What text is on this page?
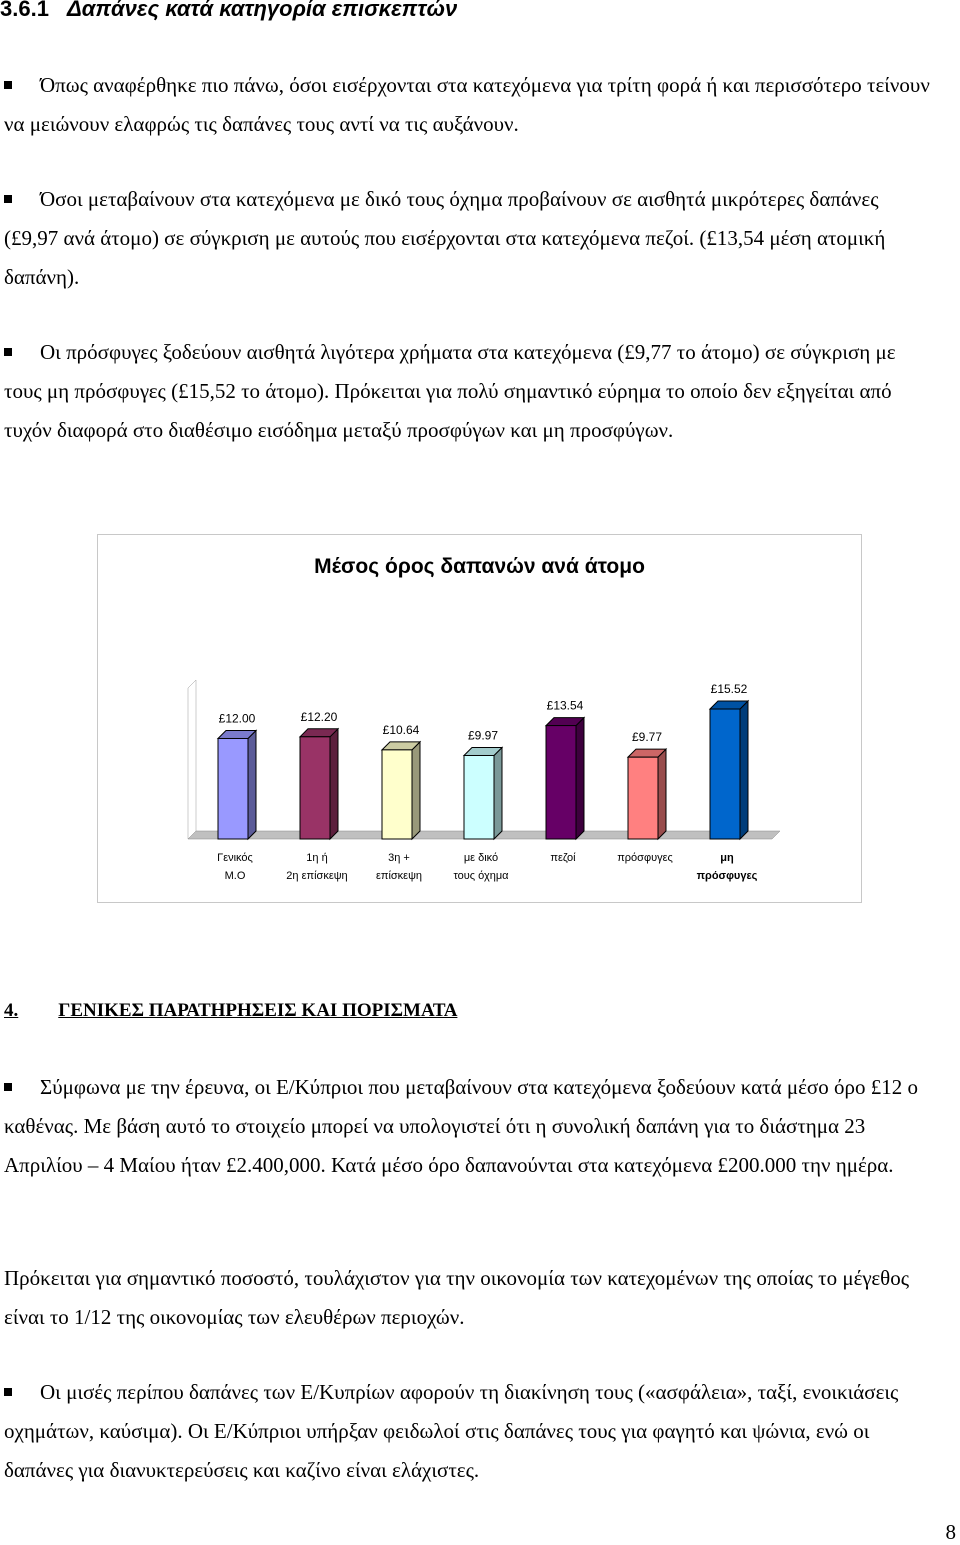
3.6.1 Δαπάνες κατά κατηγορία επισκεπτών

Όπως αναφέρθηκε πιο πάνω, όσοι εισέρχονται στα κατεχόμενα για τρίτη φορά ή και περισσότερο τείνουν να μειώνουν ελαφρώς τις δαπάνες τους αντί να τις αυξάνουν.

Όσοι μεταβαίνουν στα κατεχόμενα με δικό τους όχημα προβαίνουν σε αισθητά μικρότερες δαπάνες (£9,97 ανά άτομο) σε σύγκριση με αυτούς που εισέρχονται στα κατεχόμενα πεζοί. (£13,54 μέση ατομική δαπάνη).

Οι πρόσφυγες ξοδεύουν αισθητά λιγότερα χρήματα στα κατεχόμενα (£9,77 το άτομο) σε σύγκριση με τους μη πρόσφυγες (£15,52 το άτομο). Πρόκειται για πολύ σημαντικό εύρημα το οποίο δεν εξηγείται από τυχόν διαφορά στο διαθέσιμο εισόδημα μεταξύ προσφύγων και μη προσφύγων.

Μέσος όρος δαπανών ανά άτομο
£12.00
Γενικός Μ.Ο
£12.20
1η ή 2η επίσκεψη
£10.64
3η + επίσκεψη
£9.97
με δικό τους όχημα
£13.54
πεζοί
£9.77
πρόσφυγες
£15.52
μη πρόσφυγες
4. ΓΕΝΙΚΕΣ ΠΑΡΑΤΗΡΗΣΕΙΣ ΚΑΙ ΠΟΡΙΣΜΑΤΑ

Σύμφωνα με την έρευνα, οι Ε/Κύπριοι που μεταβαίνουν στα κατεχόμενα ξοδεύουν κατά μέσο όρο £12 ο καθένας. Με βάση αυτό το στοιχείο μπορεί να υπολογιστεί ότι η συνολική δαπάνη για το διάστημα 23 Απριλίου – 4 Μαίου ήταν £2.400,000. Κατά μέσο όρο δαπανούνται στα κατεχόμενα £200.000 την ημέρα.

Πρόκειται για σημαντικό ποσοστό, τουλάχιστον για την οικονομία των κατεχομένων της οποίας το μέγεθος είναι το 1/12 της οικονομίας των ελευθέρων περιοχών.

Οι μισές περίπου δαπάνες των Ε/Κυπρίων αφορούν τη διακίνηση τους («ασφάλεια», ταξί, ενοικιάσεις οχημάτων, καύσιμα). Οι Ε/Κύπριοι υπήρξαν φειδωλοί στις δαπάνες τους για φαγητό και ψώνια, ενώ οι δαπάνες για διανυκτερεύσεις και καζίνο είναι ελάχιστες.

8
